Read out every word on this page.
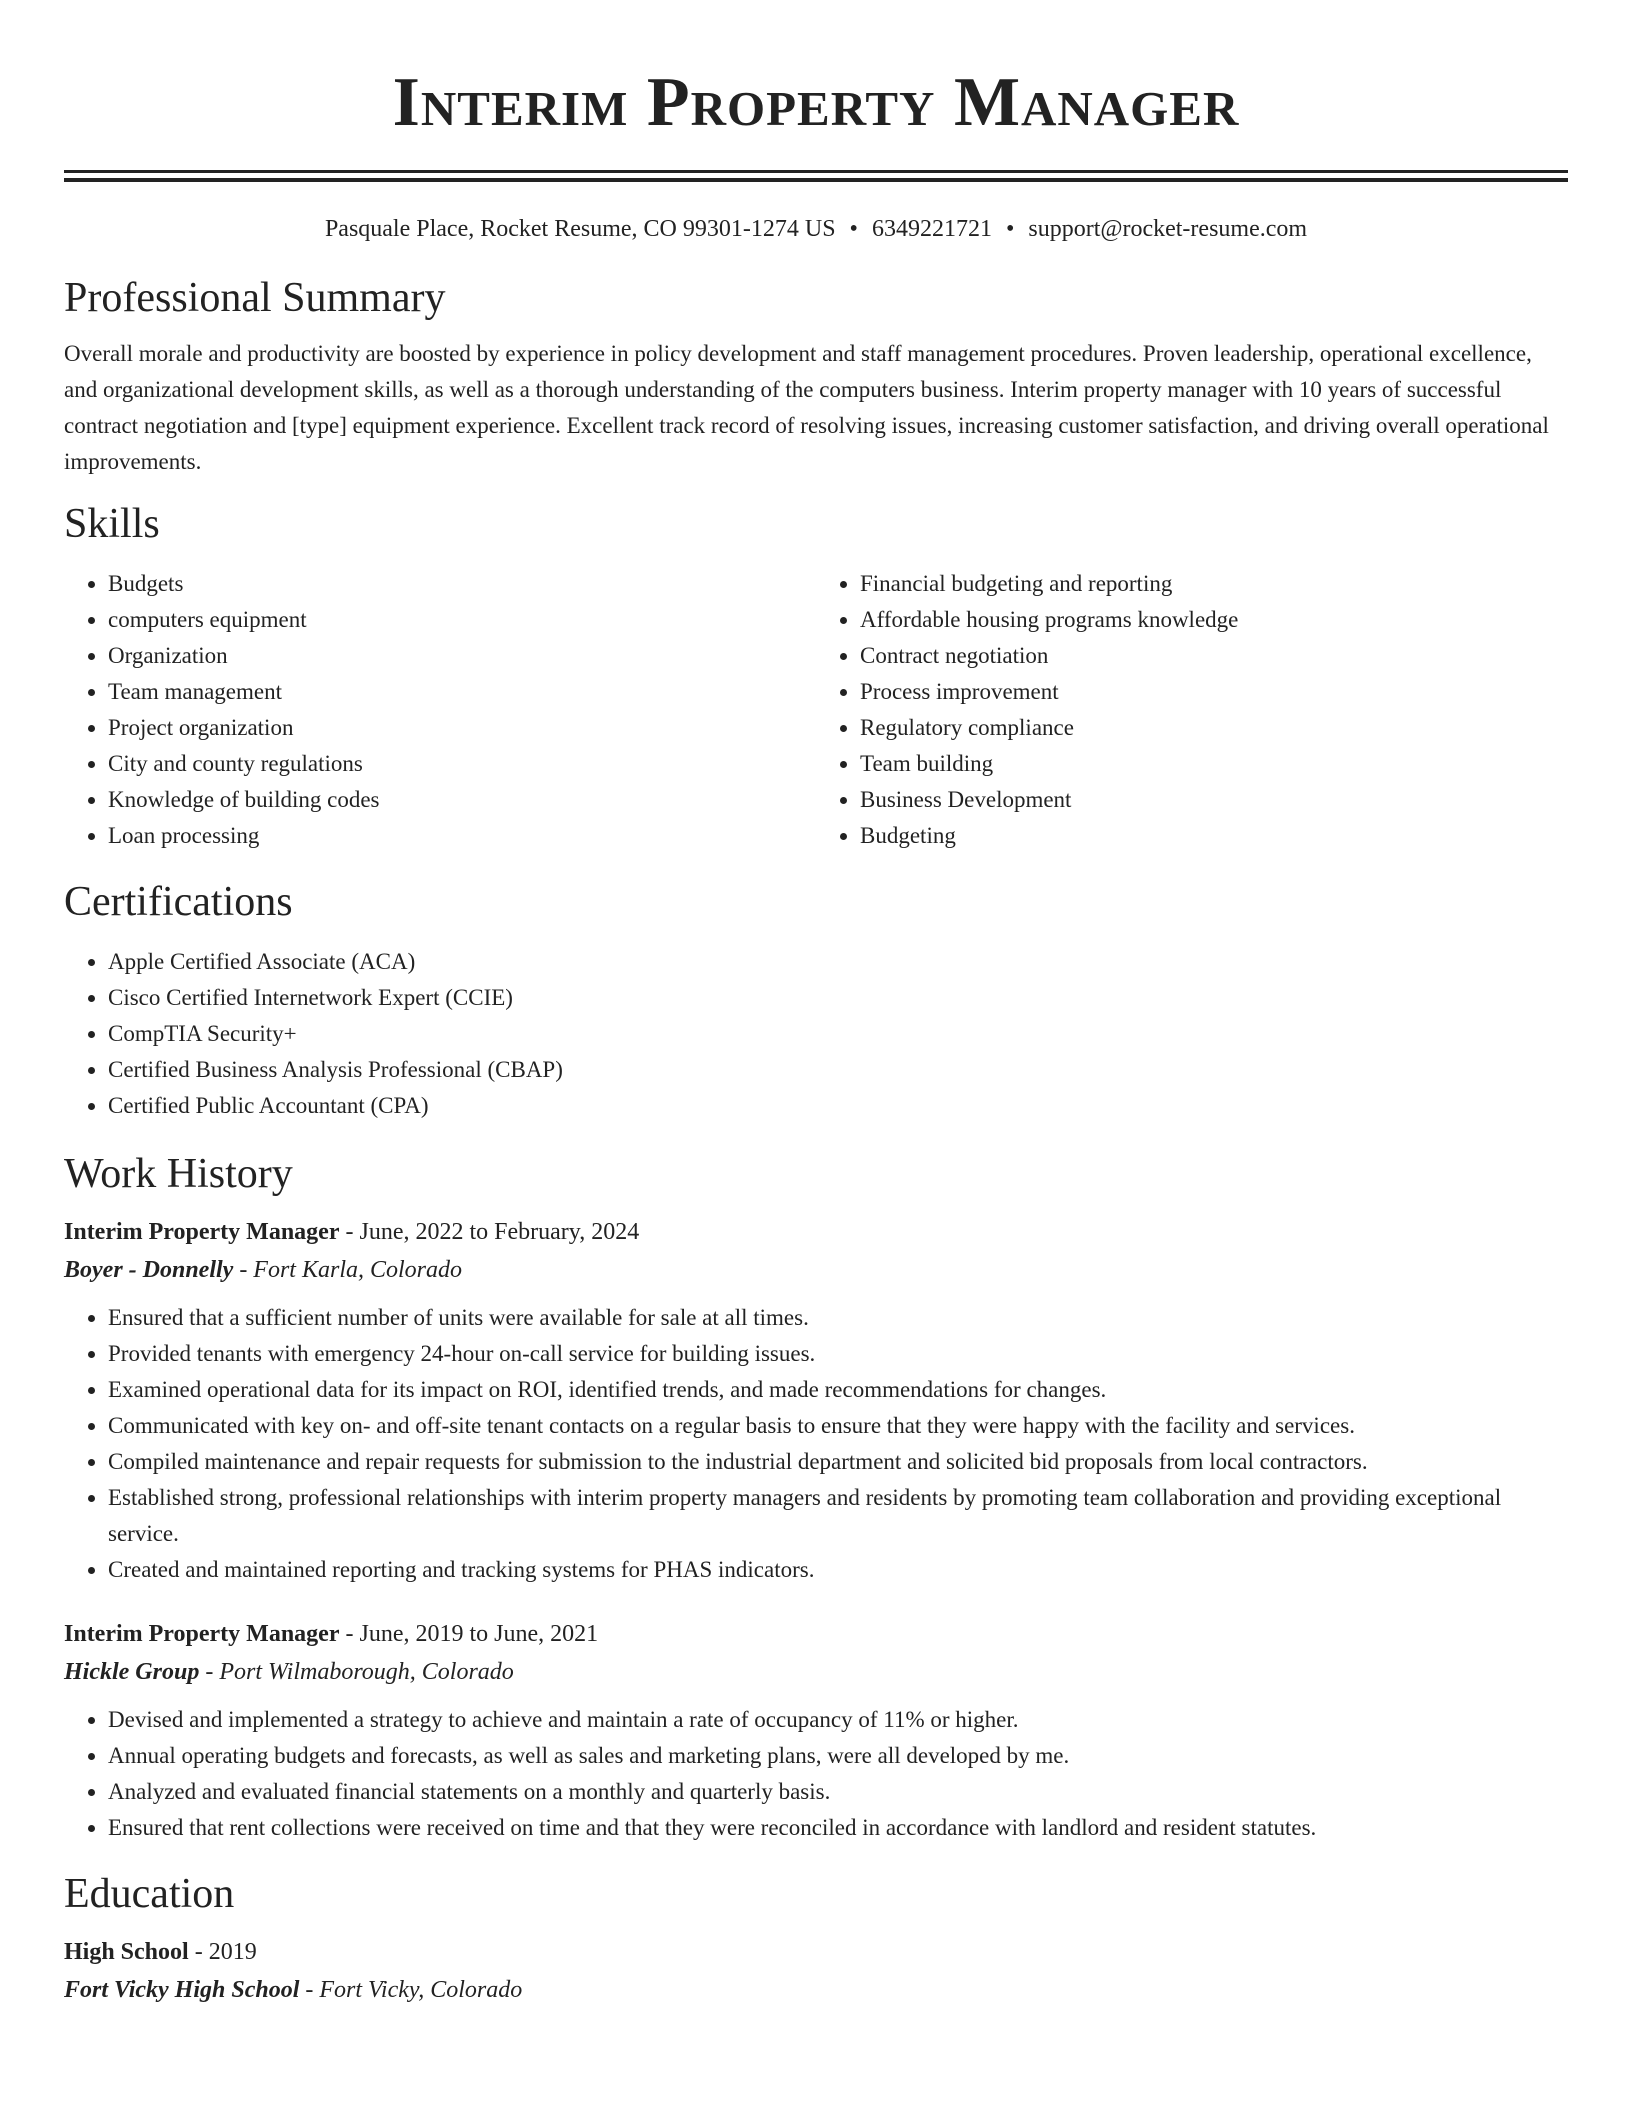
Interim Property Manager
Pasquale Place, Rocket Resume, CO 99301-1274 US • 6349221721 • support@rocket-resume.com
Professional Summary

Overall morale and productivity are boosted by experience in policy development and staff management procedures. Proven leadership, operational excellence, and organizational development skills, as well as a thorough understanding of the computers business. Interim property manager with 10 years of successful contract negotiation and [type] equipment experience. Excellent track record of resolving issues, increasing customer satisfaction, and driving overall operational improvements.

Skills
• Budgets
• computers equipment
• Organization
• Team management
• Project organization
• City and county regulations
• Knowledge of building codes
• Loan processing
• Financial budgeting and reporting
• Affordable housing programs knowledge
• Contract negotiation
• Process improvement
• Regulatory compliance
• Team building
• Business Development
• Budgeting
Certifications
• Apple Certified Associate (ACA)
• Cisco Certified Internetwork Expert (CCIE)
• CompTIA Security+
• Certified Business Analysis Professional (CBAP)
• Certified Public Accountant (CPA)
Work History
Interim Property Manager - June, 2022 to February, 2024
Boyer - Donnelly - Fort Karla, Colorado
• Ensured that a sufficient number of units were available for sale at all times.
• Provided tenants with emergency 24-hour on-call service for building issues.
• Examined operational data for its impact on ROI, identified trends, and made recommendations for changes.
• Communicated with key on- and off-site tenant contacts on a regular basis to ensure that they were happy with the facility and services.
• Compiled maintenance and repair requests for submission to the industrial department and solicited bid proposals from local contractors.
• Established strong, professional relationships with interim property managers and residents by promoting team collaboration and providing exceptional service.
• Created and maintained reporting and tracking systems for PHAS indicators.
Interim Property Manager - June, 2019 to June, 2021
Hickle Group - Port Wilmaborough, Colorado
• Devised and implemented a strategy to achieve and maintain a rate of occupancy of 11% or higher.
• Annual operating budgets and forecasts, as well as sales and marketing plans, were all developed by me.
• Analyzed and evaluated financial statements on a monthly and quarterly basis.
• Ensured that rent collections were received on time and that they were reconciled in accordance with landlord and resident statutes.
Education
High School - 2019
Fort Vicky High School - Fort Vicky, Colorado
